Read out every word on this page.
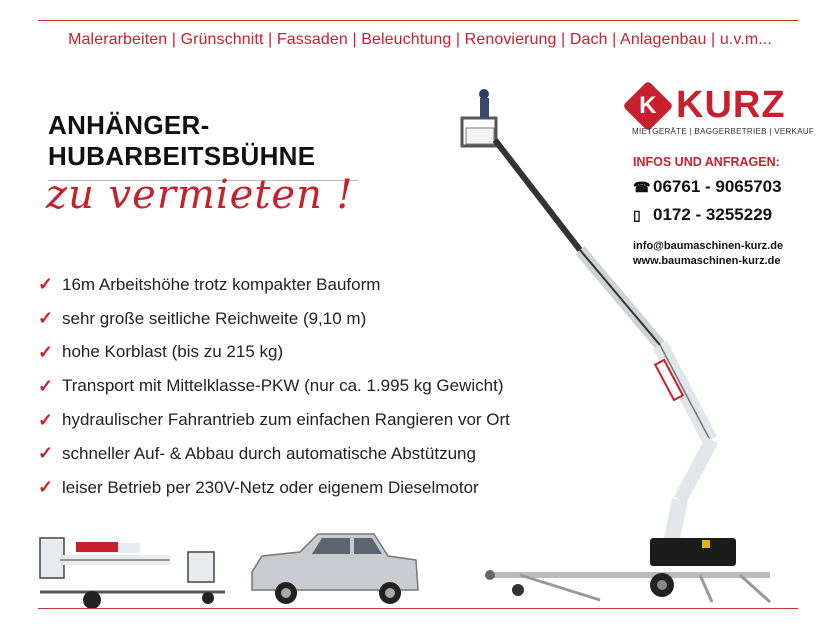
Malerarbeiten | Grünschnitt | Fassaden | Beleuchtung | Renovierung | Dach | Anlagenbau | u.v.m...
ANHÄNGER-
HUBARBEITSBÜHNE
zu vermieten !
✓ 16m Arbeitshöhe trotz kompakter Bauform
✓ sehr große seitliche Reichweite (9,10 m)
✓ hohe Korblast (bis zu 215 kg)
✓ Transport mit Mittelklasse-PKW (nur ca. 1.995 kg Gewicht)
✓ hydraulischer Fahrantrieb zum einfachen Rangieren vor Ort
✓ schneller Auf- & Abbau durch automatische Abstützung
✓ leiser Betrieb per 230V-Netz oder eigenem Dieselmotor
K KURZ
MIETGERÄTE | BAGGERBETRIEB | VERKAUF
INFOS UND ANFRAGEN:
☎ 06761 - 9065703
▯ 0172 - 3255229
info@baumaschinen-kurz.de
www.baumaschinen-kurz.de
